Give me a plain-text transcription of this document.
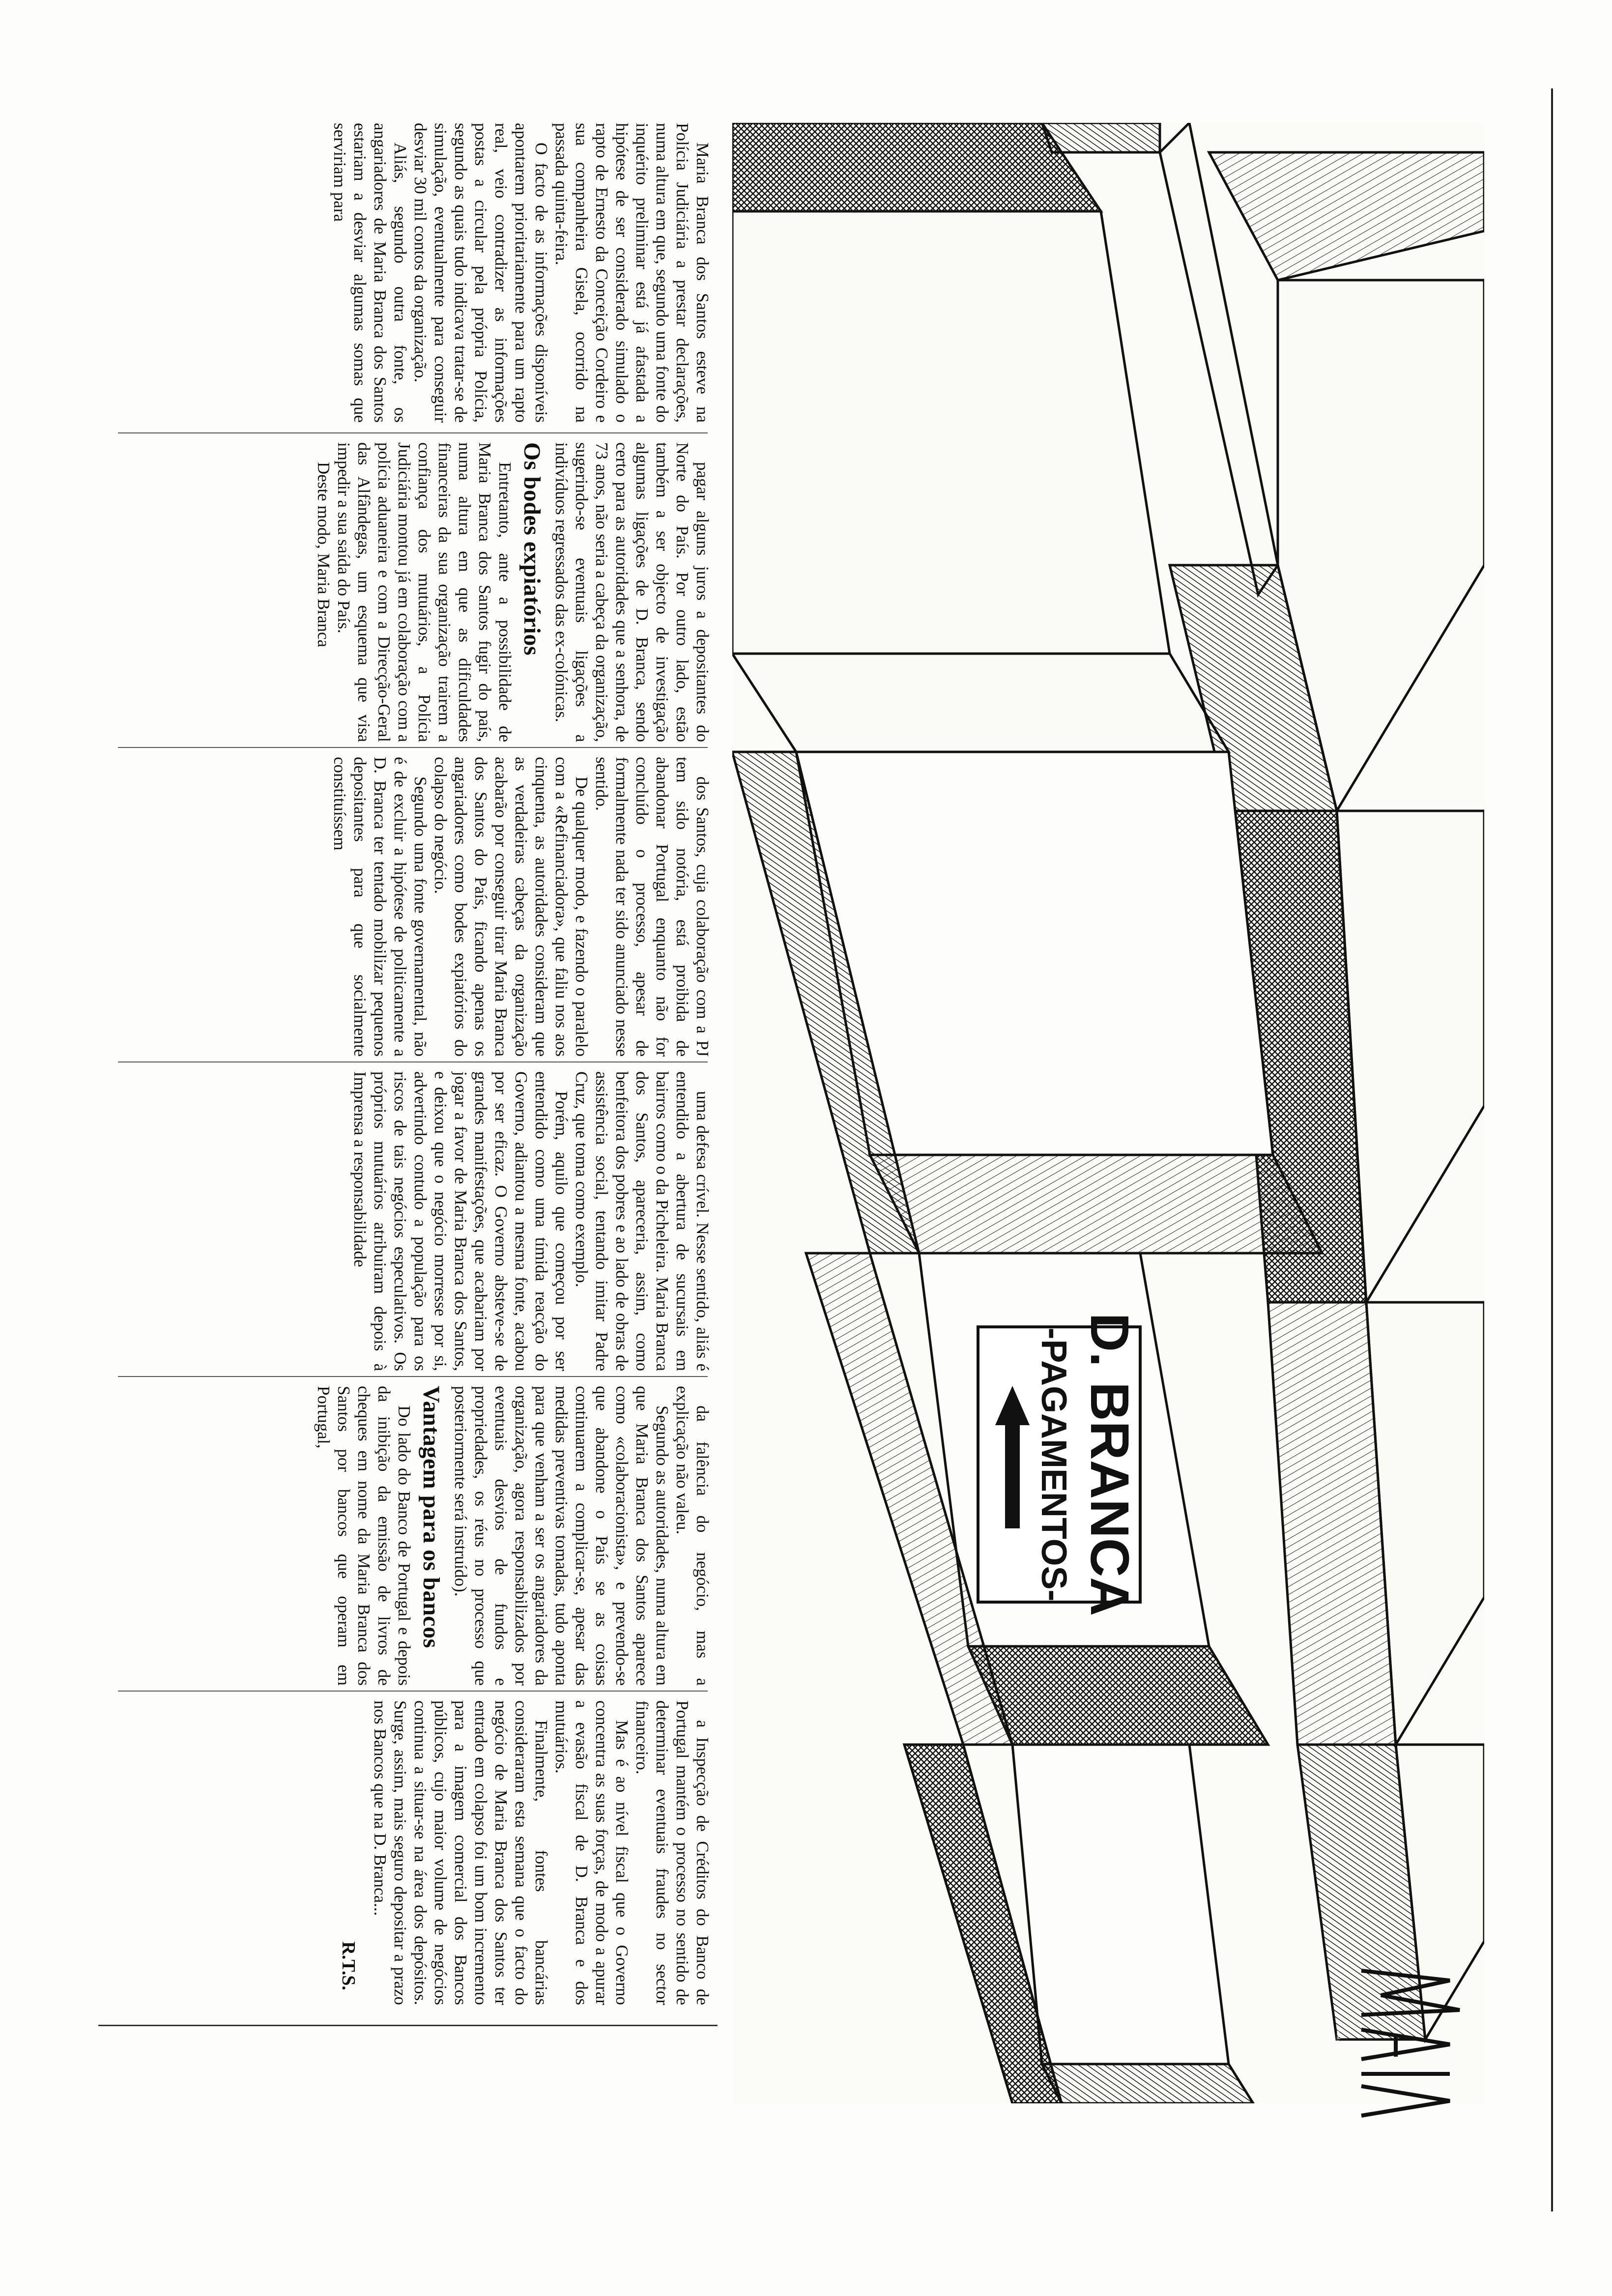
D. BRANCA
-PAGAMENTOS-
MAIA 87

Maria Branca dos Santos esteve na Polícia Judiciária a prestar declarações, numa altura em que, segundo uma fonte do inquérito preliminar está já afastada a hipótese de ser considerado simulado o rapto de Ernesto da Conceição Cordeiro e sua companheira Gisela, ocorrido na passada quinta-feira.

O facto de as informações disponíveis apontarem prioritariamente para um rapto real, veio contradizer as informações postas a circular pela própria Polícia, segundo as quais tudo indicava tratar-se de simulação, eventualmente para conseguir desviar 30 mil contos da organização.

Aliás, segundo outra fonte, os angariadores de Maria Branca dos Santos estariam a desviar algumas somas que serviriam para

pagar alguns juros a depositantes do Norte do País. Por outro lado, estão também a ser objecto de investigação algumas ligações de D. Branca, sendo certo para as autoridades que a senhora, de 73 anos, não seria a cabeça da organização, sugerindo-se eventuais ligações a indivíduos regressados das ex-colónicas.

Os bodes expiatórios

Entretanto, ante a possibilidade de Maria Branca dos Santos fugir do país, numa altura em que as dificuldades financeiras da sua organização trairem a confiança dos mutuários, a Polícia Judiciária montou já em colaboração com a polícia aduaneira e com a Direcção-Geral das Alfândegas, um esquema que visa impedir a sua saída do País.

Deste modo, Maria Branca

dos Santos, cuja colaboração com a PJ tem sido notória, está proibida de abandonar Portugal enquanto não for concluído o processo, apesar de formalmente nada ter sido anunciado nesse sentido.

De qualquer modo, e fazendo o paralelo com a «Refinanciadora», que faliu nos aos cinquenta, as autoridades consideram que as verdadeiras cabeças da organização acabarão por conseguir tirar Maria Branca dos Santos do País, ficando apenas os angariadores como bodes expiatórios do colapso do negócio.

Segundo uma fonte governamental, não é de excluir a hipótese de politicamente a D. Branca ter tentado mobilizar pequenos depositantes para que socialmente constituíssem

uma defesa crível. Nesse sentido, aliás é entendido a abertura de sucursais em bairros como o da Picheleira. Maria Branca dos Santos, apareceria, assim, como benfeitora dos pobres e ao lado de obras de assistência social, tentando imitar Padre Cruz, que toma como exemplo.

Porém, aquilo que começou por ser entendido como uma tímida reacção do Governo, adiantou a mesma fonte, acabou por ser eficaz. O Governo absteve-se de grandes manifestações, que acabariam por jogar a favor de Maria Branca dos Santos, e deixou que o negócio morresse por si, advertindo contudo a população para os riscos de tais negócios especulativos. Os próprios mutuários atribuiram depois à Imprensa a responsabilidade

da falência do negócio, mas a explicação não valeu.

Segundo as autoridades, numa altura em que Maria Branca dos Santos aparece como «colaboracionista», e prevendo-se que abandone o País se as coisas continuarem a complicar-se, apesar das medidas preventivas tomadas, tudo aponta para que venham a ser os angariadores da organização, agora responsabilizados por eventuais desvios de fundos e propriedades, os réus no processo que posteriormente será instruído).

Vantagem para os bancos

Do lado do Banco de Portugal e depois da inibição da emissão de livros de cheques em nome da Maria Branca dos Santos por bancos que operam em Portugal,

a Inspecção de Créditos do Banco de Portugal mantém o processo no sentido de determinar eventuais fraudes no sector financeiro.

Mas é ao nível fiscal que o Governo concentra as suas forças, de modo a apurar a evasão fiscal de D. Branca e dos mutuários.

Finalmente, fontes bancárias consideraram esta semana que o facto do negócio de Maria Branca dos Santos ter entrado em colapso foi um bom incremento para a imagem comercial dos Bancos públicos, cujo maior volume de negócios continua a situar-se na área dos depósitos. Surge, assim, mais seguro depositar a prazo nos Bancos que na D. Branca...

R.T.S.
